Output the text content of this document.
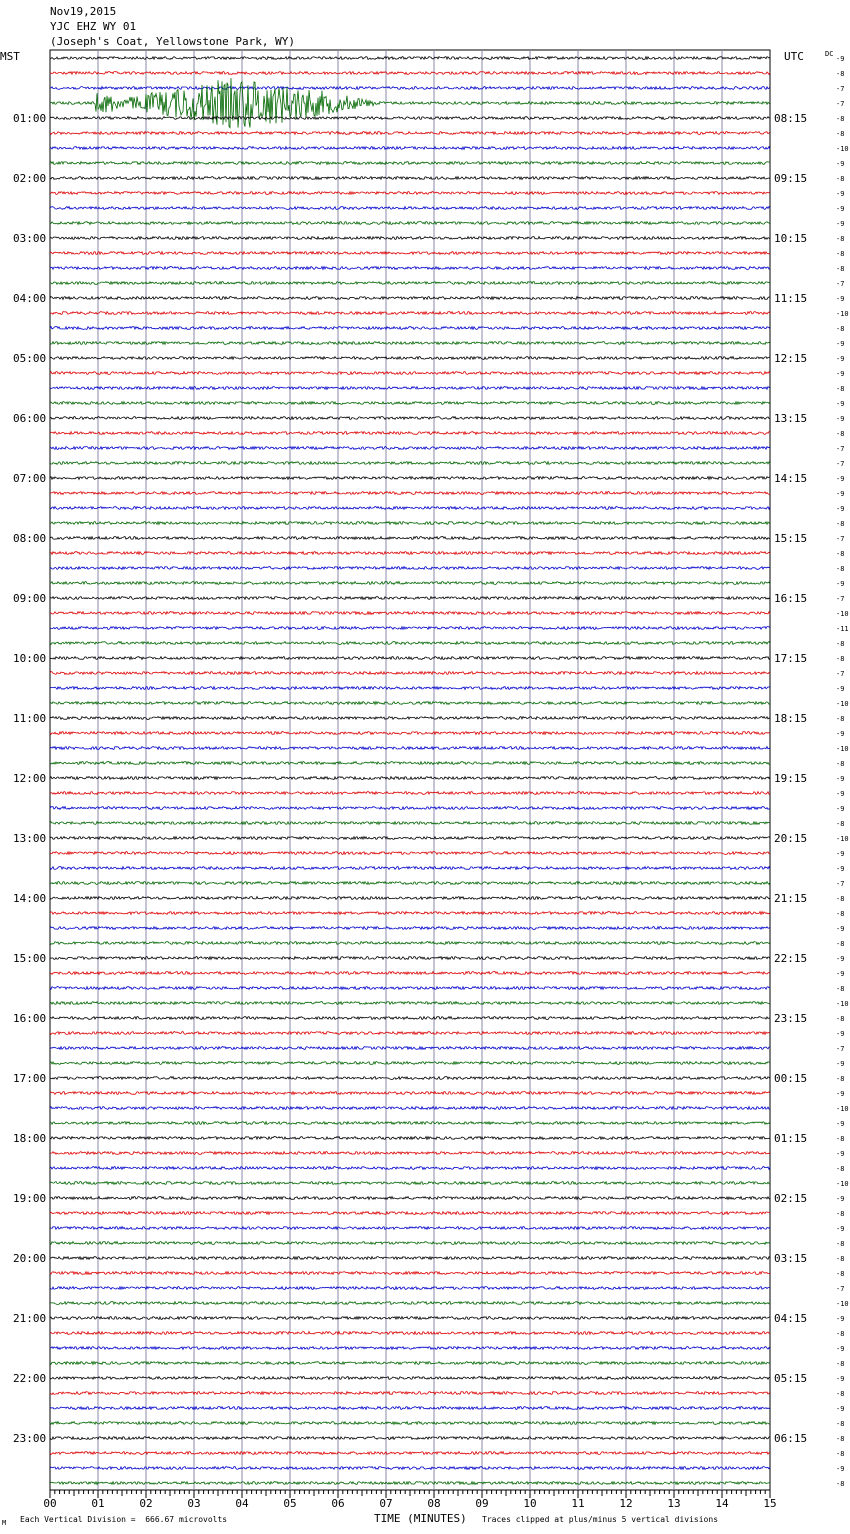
Nov19,2015
YJC EHZ WY 01
(Joseph's Coat, Yellowstone Park, WY)
MST	UTC	DC
00	01	02	03	04	05	06	07	08	09	10	11	12	13	14	15
-9
-8
-7
-7
-8
-8
-10
-9
-8
-9
-9
-9
-8
-8
-8
-7
-9
-10
-8
-9
-9
-9
-8
-9
-9
-8
-7
-7
-9
-9
-9
-8
-7
-8
-8
-9
-7
-10
-11
-8
-8
-7
-9
-10
-8
-9
-10
-8
-9
-9
-9
-8
-10
-9
-9
-7
-8
-8
-9
-8
-9
-9
-8
-10
-8
-9
-7
-9
-8
-9
-10
-9
-8
-9
-8
-10
-9
-8
-9
-8
-8
-8
-7
-10
-9
-8
-9
-8
-9
-8
-9
-8
-8
-8
-9
-8
01:00	08:15
02:00	09:15
03:00	10:15
04:00	11:15
05:00	12:15
06:00	13:15
07:00	14:15
08:00	15:15
09:00	16:15
10:00	17:15
11:00	18:15
12:00	19:15
13:00	20:15
14:00	21:15
15:00	22:15
16:00	23:15
17:00	00:15
18:00	01:15
19:00	02:15
20:00	03:15
21:00	04:15
22:00	05:15
23:00	06:15
M Each Vertical Division =  666.67 microvolts	TIME (MINUTES) Traces clipped at plus/minus 5 vertical divisions
